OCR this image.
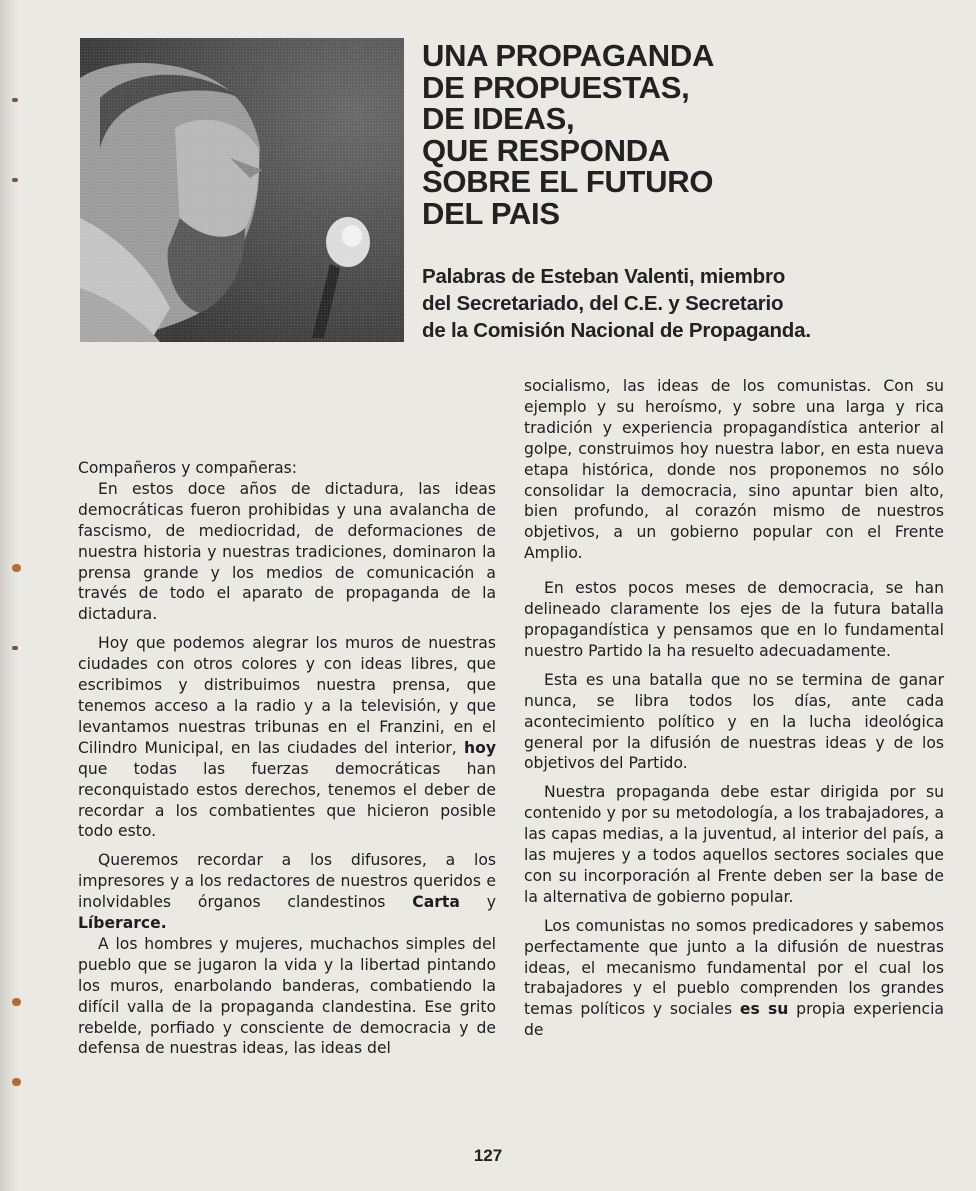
UNA PROPAGANDA
DE PROPUESTAS,
DE IDEAS,
QUE RESPONDA
SOBRE EL FUTURO
DEL PAIS
Palabras de Esteban Valenti, miembro
del Secretariado, del C.E. y Secretario
de la Comisión Nacional de Propaganda.

Compañeros y compañeras:

En estos doce años de dictadura, las ideas democráticas fueron prohibidas y una avalancha de fascismo, de mediocridad, de deformaciones de nuestra historia y nuestras tradiciones, dominaron la prensa grande y los medios de comunicación a través de todo el aparato de propaganda de la dictadura.

Hoy que podemos alegrar los muros de nuestras ciudades con otros colores y con ideas libres, que escribimos y distribuimos nuestra prensa, que tenemos acceso a la radio y a la televisión, y que levantamos nuestras tribunas en el Franzini, en el Cilindro Municipal, en las ciudades del interior, hoy que todas las fuerzas democráticas han reconquistado estos derechos, tenemos el deber de recordar a los combatientes que hicieron posible todo esto.

Queremos recordar a los difusores, a los impresores y a los redactores de nuestros queridos e inolvidables órganos clandestinos Carta y Líberarce.

A los hombres y mujeres, muchachos simples del pueblo que se jugaron la vida y la libertad pintando los muros, enarbolando banderas, combatiendo la difícil valla de la propaganda clandestina. Ese grito rebelde, porfiado y consciente de democracia y de defensa de nuestras ideas, las ideas del

socialismo, las ideas de los comunistas. Con su ejemplo y su heroísmo, y sobre una larga y rica tradición y experiencia propagandística anterior al golpe, construimos hoy nuestra labor, en esta nueva etapa histórica, donde nos proponemos no sólo consolidar la democracia, sino apuntar bien alto, bien profundo, al corazón mismo de nuestros objetivos, a un gobierno popular con el Frente Amplio.

En estos pocos meses de democracia, se han delineado claramente los ejes de la futura batalla propagandística y pensamos que en lo fundamental nuestro Partido la ha resuelto adecuadamente.

Esta es una batalla que no se termina de ganar nunca, se libra todos los días, ante cada acontecimiento político y en la lucha ideológica general por la difusión de nuestras ideas y de los objetivos del Partido.

Nuestra propaganda debe estar dirigida por su contenido y por su metodología, a los trabajadores, a las capas medias, a la juventud, al interior del país, a las mujeres y a todos aquellos sectores sociales que con su incorporación al Frente deben ser la base de la alternativa de gobierno popular.

Los comunistas no somos predicadores y sabemos perfectamente que junto a la difusión de nuestras ideas, el mecanismo fundamental por el cual los trabajadores y el pueblo comprenden los grandes temas políticos y sociales es su propia experiencia de

127
